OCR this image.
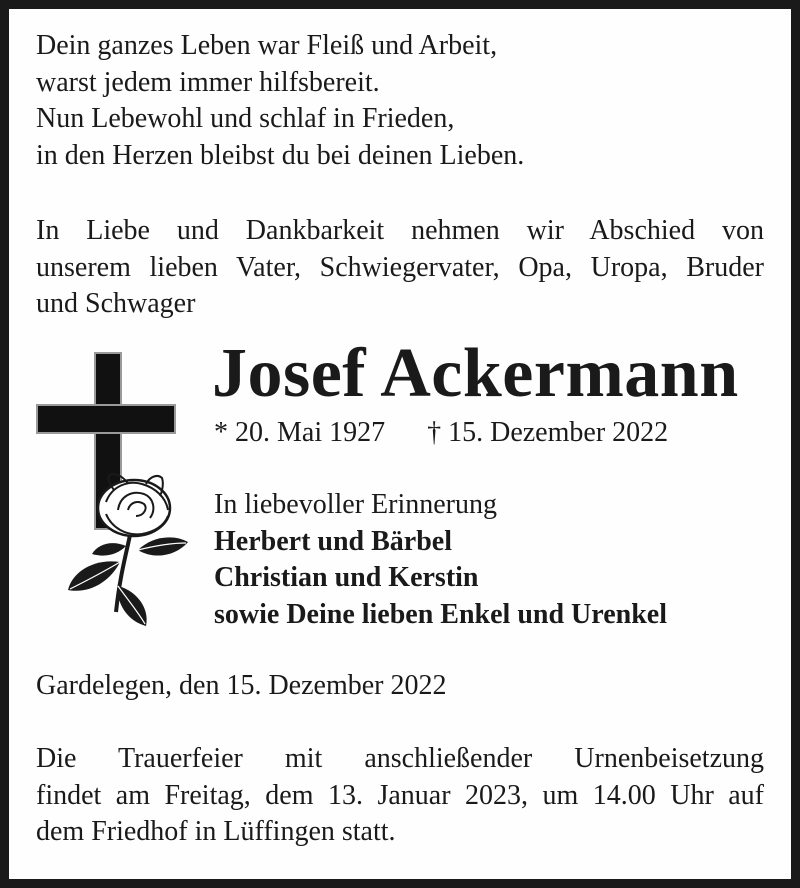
Dein ganzes Leben war Fleiß und Arbeit,
warst jedem immer hilfsbereit.
Nun Lebewohl und schlaf in Frieden,
in den Herzen bleibst du bei deinen Lieben.
In Liebe und Dankbarkeit nehmen wir Abschied von
unserem lieben Vater, Schwiegervater, Opa, Uropa, Bruder
und Schwager
Josef Ackermann
* 20. Mai 1927 † 15. Dezember 2022
In liebevoller Erinnerung
Herbert und Bärbel
Christian und Kerstin
sowie Deine lieben Enkel und Urenkel
Gardelegen, den 15. Dezember 2022
Die Trauerfeier mit anschließender Urnenbeisetzung
findet am Freitag, dem 13. Januar 2023, um 14.00 Uhr auf
dem Friedhof in Lüffingen statt.
